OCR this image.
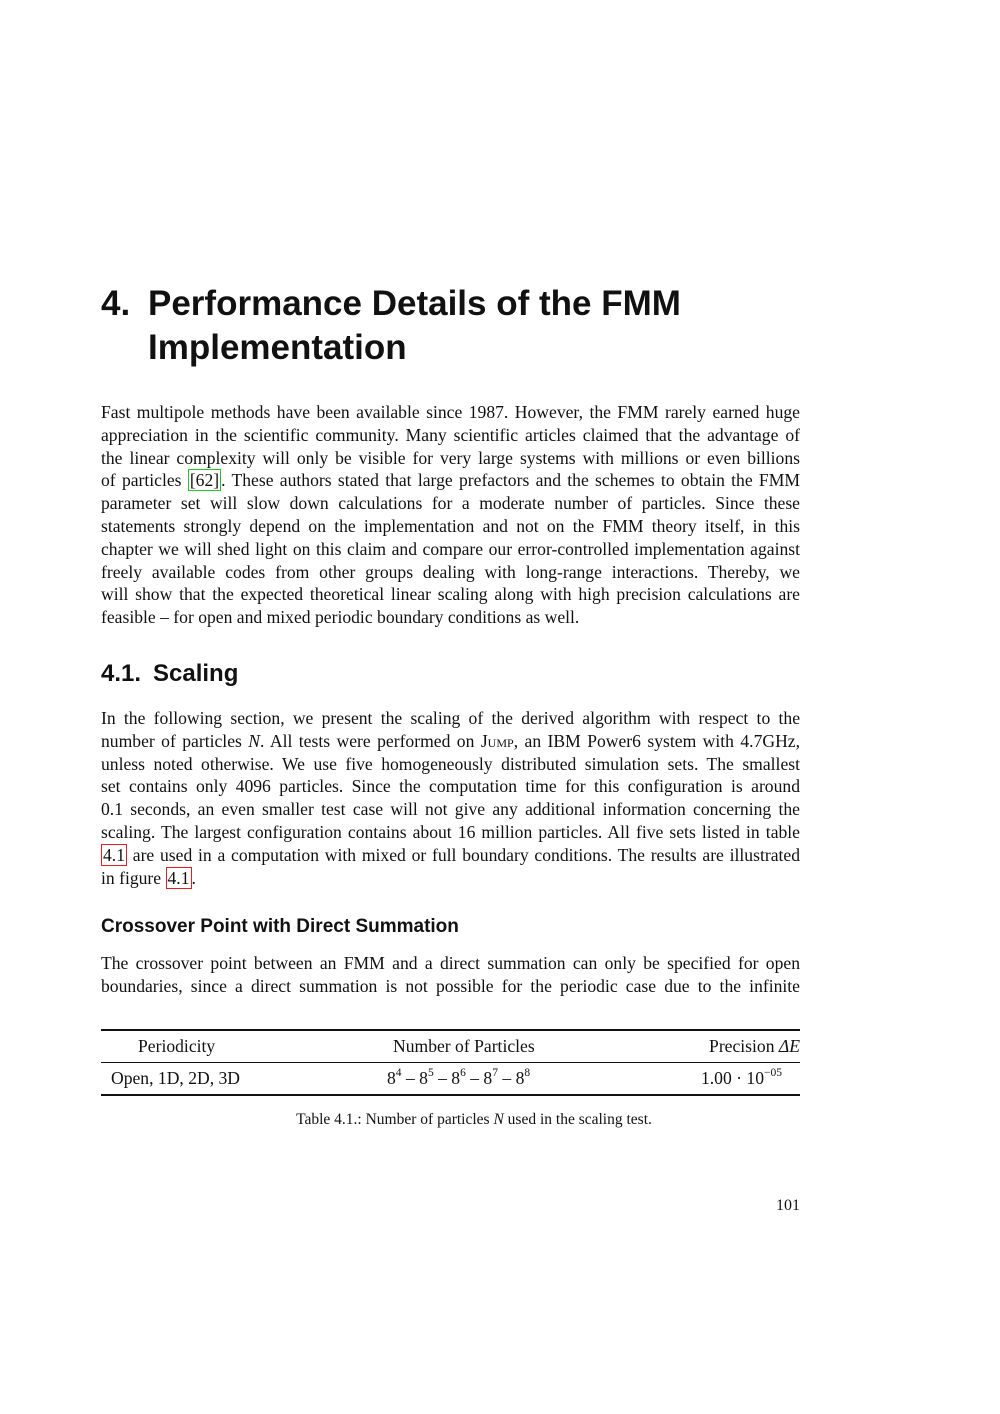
4. Performance Details of the FMM
Implementation
Fast multipole methods have been available since 1987. However, the FMM rarely earned huge
appreciation in the scientific community. Many scientific articles claimed that the advantage of
the linear complexity will only be visible for very large systems with millions or even billions
of particles [62] . These authors stated that large prefactors and the schemes to obtain the FMM
parameter set will slow down calculations for a moderate number of particles. Since these
statements strongly depend on the implementation and not on the FMM theory itself, in this
chapter we will shed light on this claim and compare our error-controlled implementation against
freely available codes from other groups dealing with long-range interactions. Thereby, we
will show that the expected theoretical linear scaling along with high precision calculations are
feasible – for open and mixed periodic boundary conditions as well.
4.1. Scaling
In the following section, we present the scaling of the derived algorithm with respect to the
number of particles N. All tests were performed on Jump, an IBM Power6 system with 4.7GHz,
unless noted otherwise. We use five homogeneously distributed simulation sets. The smallest
set contains only 4096 particles. Since the computation time for this configuration is around
0.1 seconds, an even smaller test case will not give any additional information concerning the
scaling. The largest configuration contains about 16 million particles. All five sets listed in table
4.1 are used in a computation with mixed or full boundary conditions. The results are illustrated
in figure 4.1 .
Crossover Point with Direct Summation
The crossover point between an FMM and a direct summation can only be specified for open
boundaries, since a direct summation is not possible for the periodic case due to the infinite
Periodicity	Number of Particles	Precision ΔE
Open, 1D, 2D, 3D	$8^4 - 8^5 - 8^6 - 8^7 - 8^8$	$1.00 \cdot 10^{-05}$
Table 4.1.: Number of particles N used in the scaling test.
101
